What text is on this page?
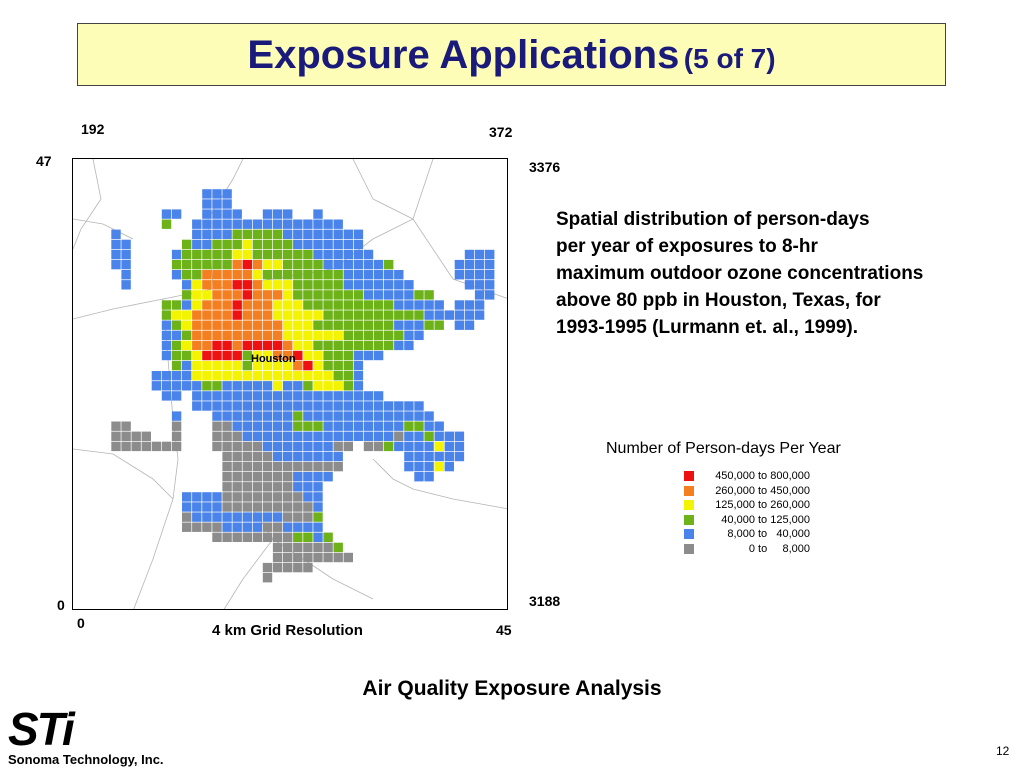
Exposure Applications (5 of 7)
192	372
47	3376
0	3188
0	45
Houston
4 km Grid Resolution
Spatial distribution of person-days
per year of exposures to 8-hr
maximum outdoor ozone concentrations
above 80 ppb in Houston, Texas, for
1993-1995 (Lurmann et. al., 1999).
Number of Person-days Per Year
450,000 to 800,000
260,000 to 450,000
125,000 to 260,000
40,000 to 125,000
8,000 to   40,000
0 to     8,000
Air Quality Exposure Analysis
STi
Sonoma Technology, Inc.
12
